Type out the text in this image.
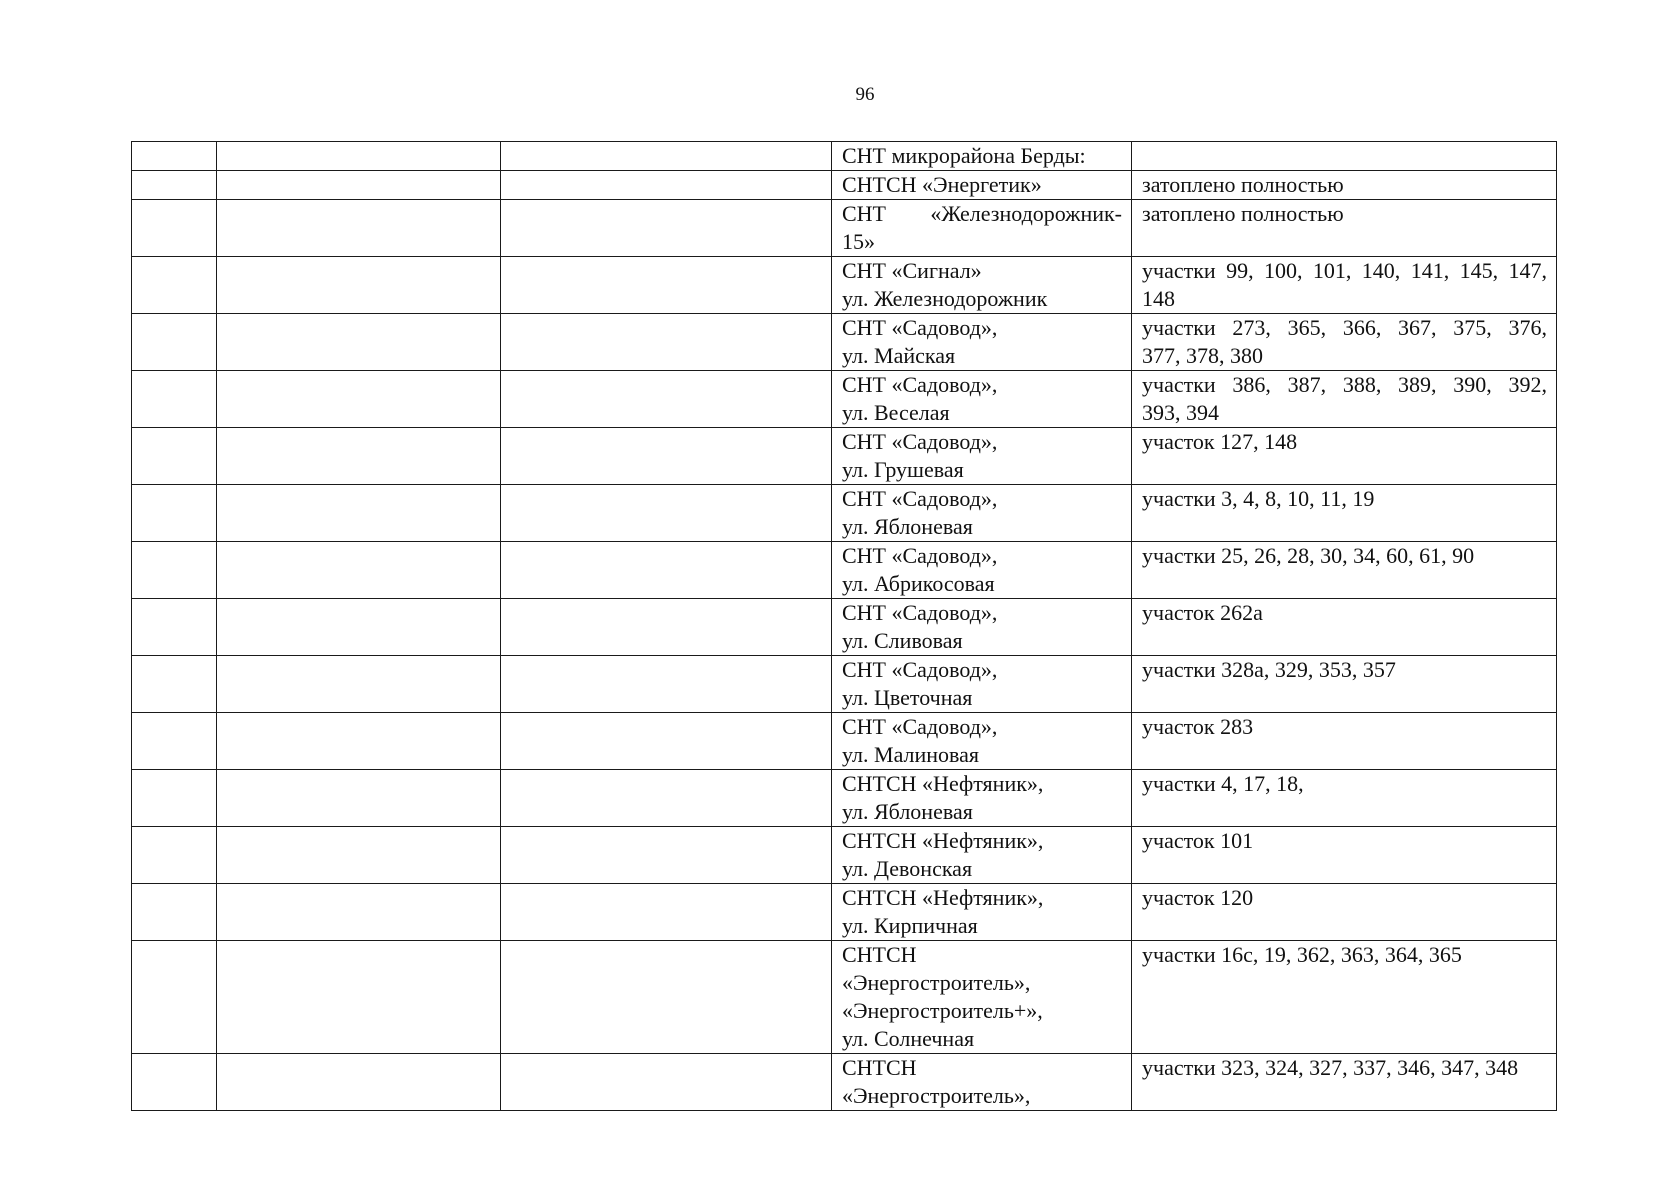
96

			СНТ микрорайона Берды:	

			СНТСН «Энергетик»	затоплено полностью

			СНТ «Железнодорожник-
15»	затоплено полностью

			СНТ «Сигнал»
ул. Железнодорожник	участки 99, 100, 101, 140, 141, 145, 147,
148

			СНТ «Садовод»,
ул. Майская	участки 273, 365, 366, 367, 375, 376,
377, 378, 380

			СНТ «Садовод»,
ул. Веселая	участки 386, 387, 388, 389, 390, 392,
393, 394

			СНТ «Садовод»,
ул. Грушевая	участок 127, 148

			СНТ «Садовод»,
ул. Яблоневая	участки 3, 4, 8, 10, 11, 19

			СНТ «Садовод»,
ул. Абрикосовая	участки 25, 26, 28, 30, 34, 60, 61, 90

			СНТ «Садовод»,
ул. Сливовая	участок 262а

			СНТ «Садовод»,
ул. Цветочная	участки 328а, 329, 353, 357

			СНТ «Садовод»,
ул. Малиновая	участок 283

			СНТСН «Нефтяник»,
ул. Яблоневая	участки 4, 17, 18,

			СНТСН «Нефтяник»,
ул. Девонская	участок 101

			СНТСН «Нефтяник»,
ул. Кирпичная	участок 120

			СНТСН
«Энергостроитель»,
«Энергостроитель+»,
ул. Солнечная	участки 16с, 19, 362, 363, 364, 365

			СНТСН
«Энергостроитель»,	участки 323, 324, 327, 337, 346, 347, 348
